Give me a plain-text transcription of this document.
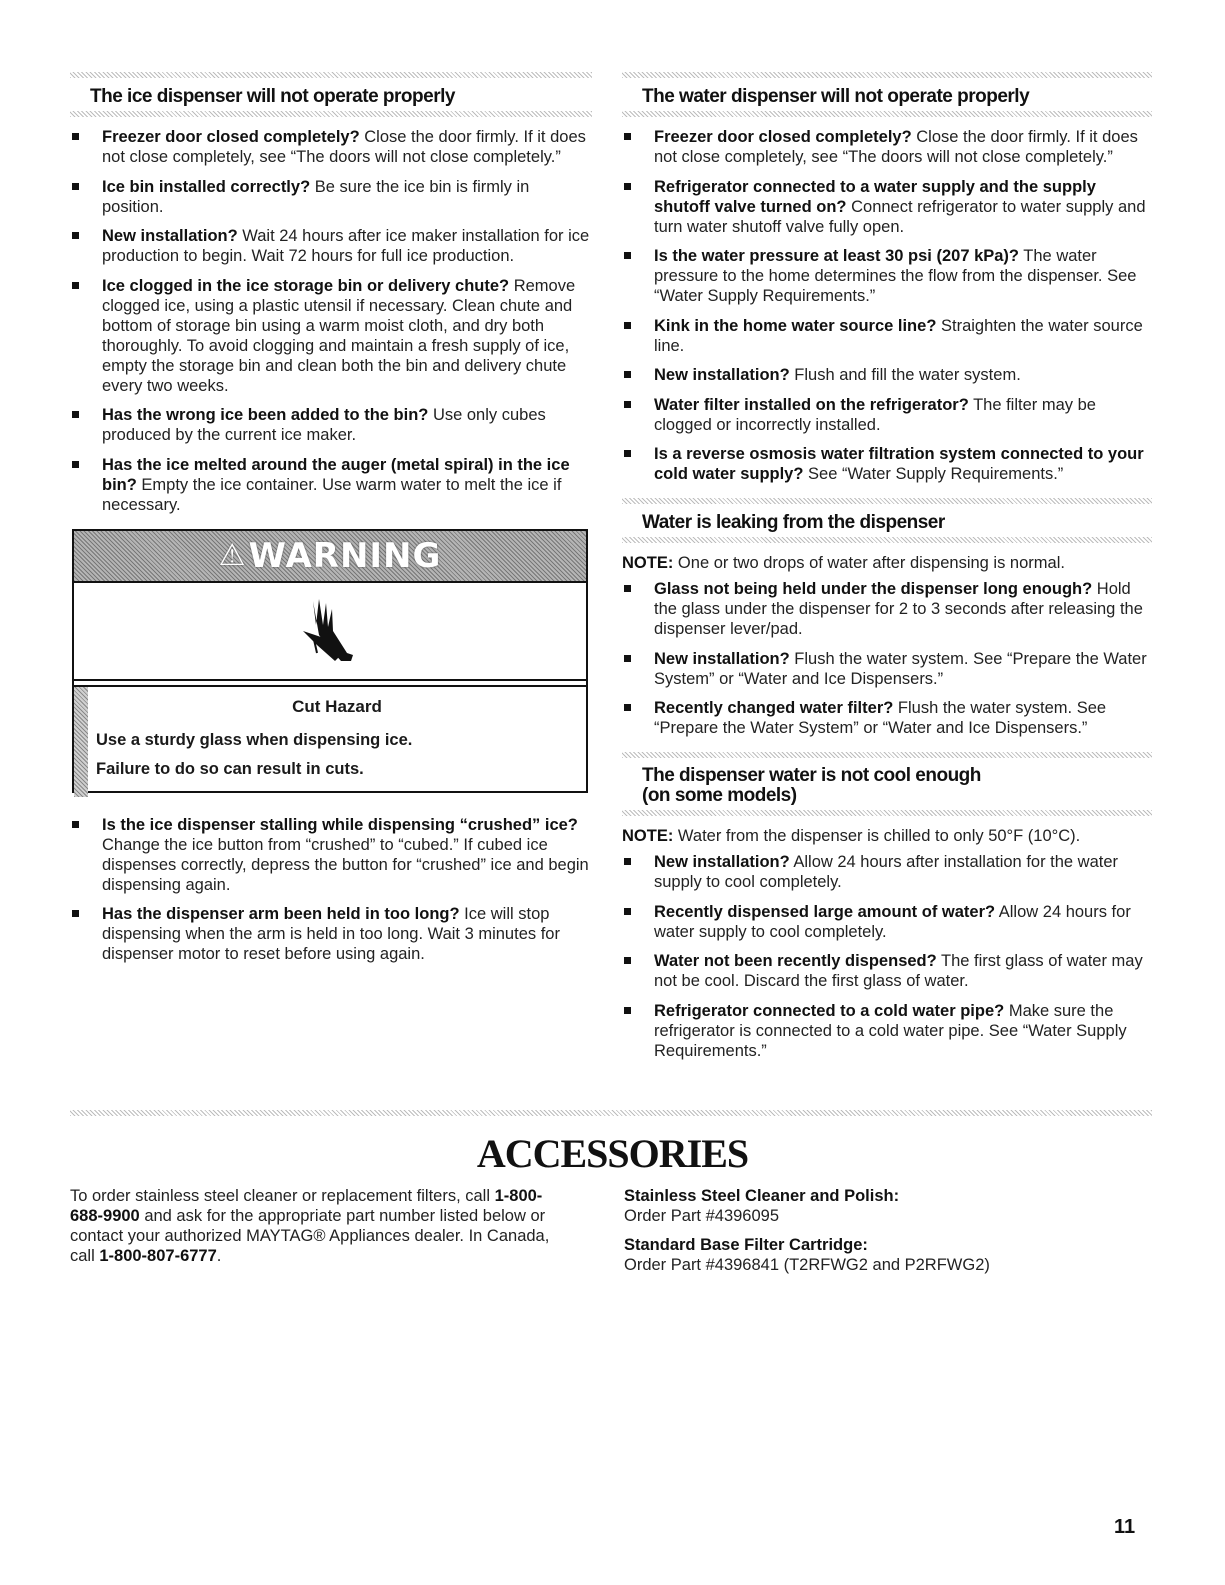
The ice dispenser will not operate properly
Freezer door closed completely? Close the door firmly. If it does not close completely, see “The doors will not close completely.”
Ice bin installed correctly? Be sure the ice bin is firmly in position.
New installation? Wait 24 hours after ice maker installation for ice production to begin. Wait 72 hours for full ice production.
Ice clogged in the ice storage bin or delivery chute? Remove clogged ice, using a plastic utensil if necessary. Clean chute and bottom of storage bin using a warm moist cloth, and dry both thoroughly. To avoid clogging and maintain a fresh supply of ice, empty the storage bin and clean both the bin and delivery chute every two weeks.
Has the wrong ice been added to the bin? Use only cubes produced by the current ice maker.
Has the ice melted around the auger (metal spiral) in the ice bin? Empty the ice container. Use warm water to melt the ice if necessary.
⚠ WARNING
Cut Hazard
Use a sturdy glass when dispensing ice.
Failure to do so can result in cuts.
Is the ice dispenser stalling while dispensing “crushed” ice? Change the ice button from “crushed” to “cubed.” If cubed ice dispenses correctly, depress the button for “crushed” ice and begin dispensing again.
Has the dispenser arm been held in too long? Ice will stop dispensing when the arm is held in too long. Wait 3 minutes for dispenser motor to reset before using again.
The water dispenser will not operate properly
Freezer door closed completely? Close the door firmly. If it does not close completely, see “The doors will not close completely.”
Refrigerator connected to a water supply and the supply shutoff valve turned on? Connect refrigerator to water supply and turn water shutoff valve fully open.
Is the water pressure at least 30 psi (207 kPa)? The water pressure to the home determines the flow from the dispenser. See “Water Supply Requirements.”
Kink in the home water source line? Straighten the water source line.
New installation? Flush and fill the water system.
Water filter installed on the refrigerator? The filter may be clogged or incorrectly installed.
Is a reverse osmosis water filtration system connected to your cold water supply? See “Water Supply Requirements.”
Water is leaking from the dispenser
NOTE: One or two drops of water after dispensing is normal.
Glass not being held under the dispenser long enough? Hold the glass under the dispenser for 2 to 3 seconds after releasing the dispenser lever/pad.
New installation? Flush the water system. See “Prepare the Water System” or “Water and Ice Dispensers.”
Recently changed water filter? Flush the water system. See “Prepare the Water System” or “Water and Ice Dispensers.”
The dispenser water is not cool enough
(on some models)
NOTE: Water from the dispenser is chilled to only 50°F (10°C).
New installation? Allow 24 hours after installation for the water supply to cool completely.
Recently dispensed large amount of water? Allow 24 hours for water supply to cool completely.
Water not been recently dispensed? The first glass of water may not be cool. Discard the first glass of water.
Refrigerator connected to a cold water pipe? Make sure the refrigerator is connected to a cold water pipe. See “Water Supply Requirements.”
ACCESSORIES
To order stainless steel cleaner or replacement filters, call 1-800-688-9900 and ask for the appropriate part number listed below or contact your authorized MAYTAG® Appliances dealer. In Canada, call 1-800-807-6777.
Stainless Steel Cleaner and Polish:
Order Part #4396095
Standard Base Filter Cartridge:
Order Part #4396841 (T2RFWG2 and P2RFWG2)
11
